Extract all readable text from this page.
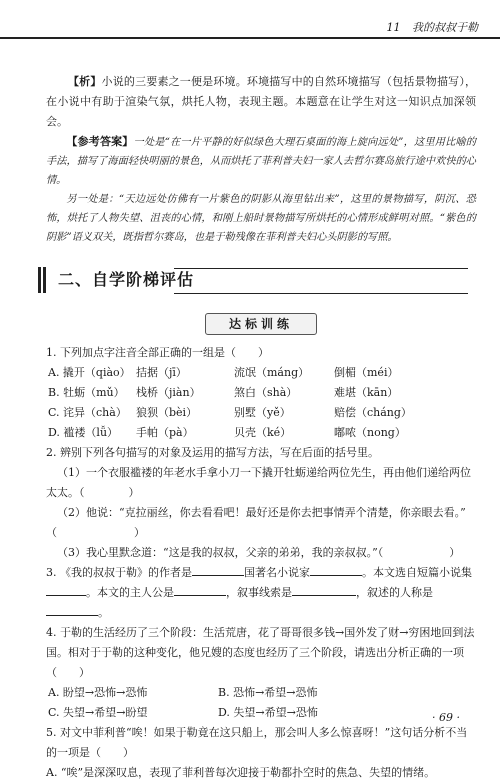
11 我的叔叔于勒

【析】小说的三要素之一便是环境。环境描写中的自然环境描写（包括景物描写），在小说中有助于渲染气氛，烘托人物，表现主题。本题意在让学生对这一知识点加深领会。

【参考答案】一处是“在一片平静的好似绿色大理石桌面的海上旋向远处”，这里用比喻的手法，描写了海面轻快明丽的景色，从而烘托了菲利普夫妇一家人去哲尔赛岛旅行途中欢快的心情。

另一处是：“天边远处仿佛有一片紫色的阴影从海里钻出来”，这里的景物描写，阴沉、恐怖，烘托了人物失望、沮丧的心情，和刚上船时景物描写所烘托的心情形成鲜明对照。“紫色的阴影”语义双关，既指哲尔赛岛，也是于勒残像在菲利普夫妇心头阴影的写照。

二、自学阶梯评估
达标训练

1. 下列加点字注音全部正确的一组是（　　）

A. 撬开（qiào） 拮据（jī）	流氓（máng）	倒楣（méi）
B. 牡蛎（mǔ）	栈桥（jiàn）	煞白（shà）	难堪（kān）
C. 诧异（chà） 狼狈（bèi）	别墅（yě）	赔偿（cháng）
D. 褴褛（lǚ）	手帕（pà）	贝壳（ké）	嘟哝（nong）

2. 辨别下列各句描写的对象及运用的描写方法，写在后面的括号里。

（1）一个衣服褴褛的年老水手拿小刀一下撬开牡蛎递给两位先生，再由他们递给两位太太。（　　　　）

（2）他说：“克拉丽丝，你去看看吧！最好还是你去把事情弄个清楚，你亲眼去看。”

（　　　　　　　）

（3）我心里默念道：“这是我的叔叔，父亲的弟弟，我的亲叔叔。”（　　　　　　）

3. 《我的叔叔于勒》的作者是	国著名小说家	。本文选自短篇小说集。本文的主人公是	，叙事线索是	，叙述的人称是。

4. 于勒的生活经历了三个阶段：生活荒唐，花了哥哥很多钱→国外发了财→穷困地回到法国。相对于于勒的这种变化，他兄嫂的态度也经历了三个阶段，请选出分析正确的一项（　　）

A. 盼望→恐怖→恐怖	B. 恐怖→希望→恐怖
C. 失望→希望→盼望	D. 失望→希望→恐怖

5. 对文中菲利普“唉！如果于勒竟在这只船上，那会叫人多么惊喜呀！”这句话分析不当的一项是（　　）

A. “唉”是深深叹息，表现了菲利普每次迎接于勒都扑空时的焦急、失望的情绪。

· 69 ·
